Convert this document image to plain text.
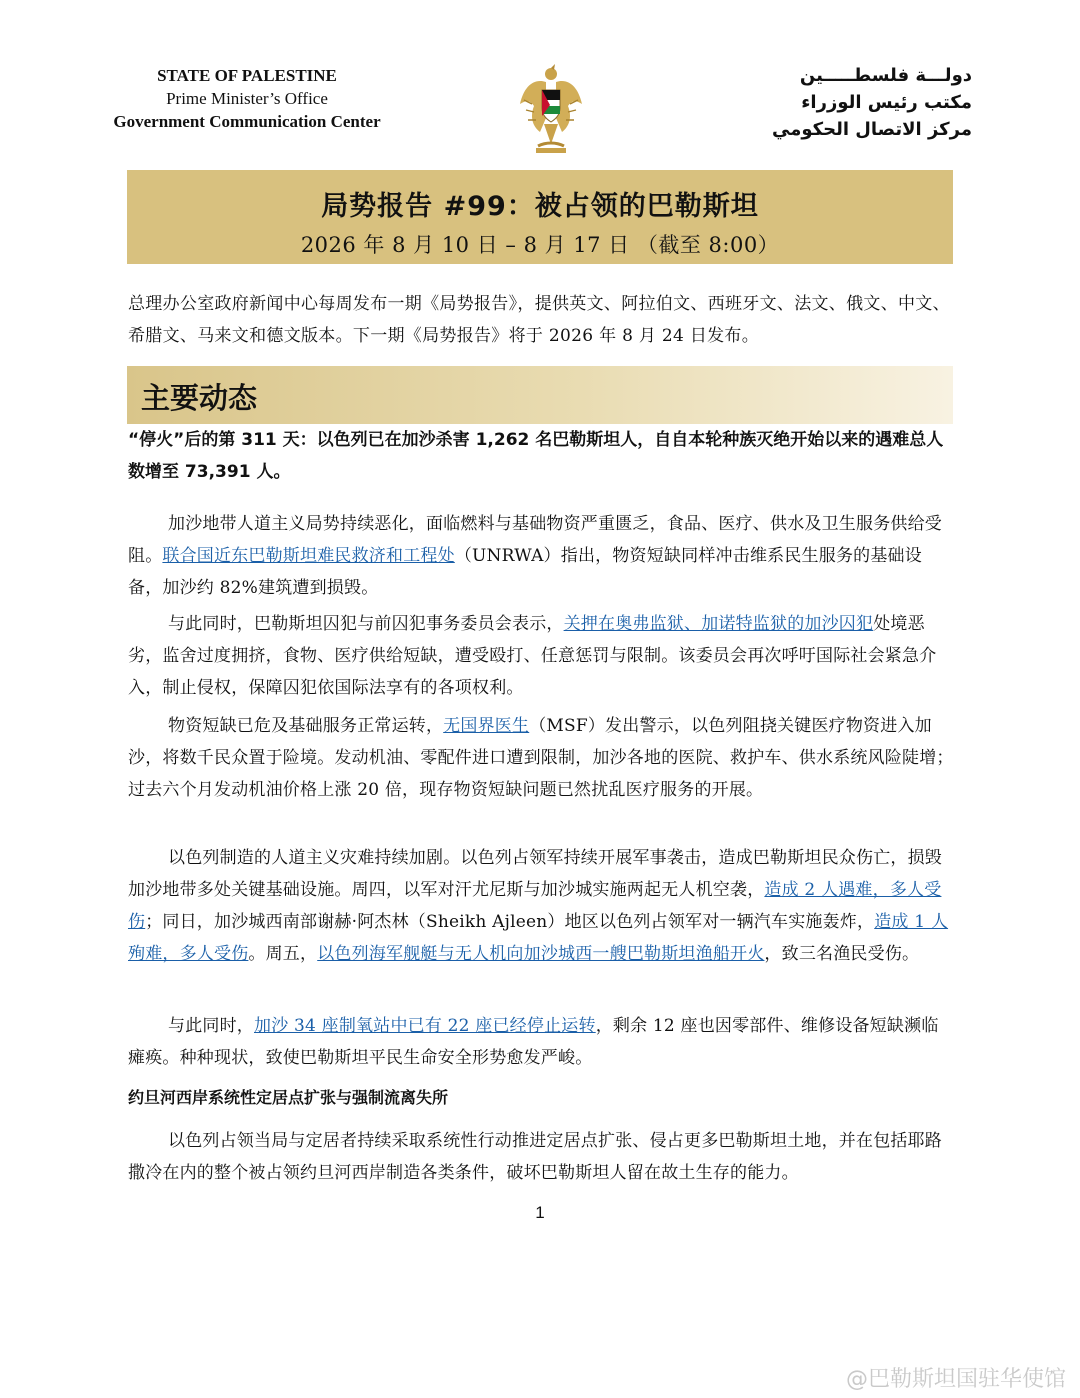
STATE OF PALESTINE
Prime Minister’s Office
Government Communication Center
دولـــة فلسطـــــين
مكتب رئيس الوزراء
مركز الاتصال الحكومي
局势报告 #99：被占领的巴勒斯坦
2026 年 8 月 10 日 – 8 月 17 日 （截至 8:00）
总理办公室政府新闻中心每周发布一期《局势报告》，提供英文、阿拉伯文、西班牙文、法文、俄文、中文、希腊文、马来文和德文版本。下一期《局势报告》将于 2026 年 8 月 24 日发布。
主要动态
“停火”后的第 311 天：以色列已在加沙杀害 1,262 名巴勒斯坦人，自自本轮种族灭绝开始以来的遇难总人数增至 73,391 人。
加沙地带人道主义局势持续恶化，面临燃料与基础物资严重匮乏，食品、医疗、供水及卫生服务供给受阻。联合国近东巴勒斯坦难民救济和工程处（UNRWA）指出，物资短缺同样冲击维系民生服务的基础设备，加沙约 82%建筑遭到损毁。
与此同时，巴勒斯坦囚犯与前囚犯事务委员会表示，关押在奥弗监狱、加诺特监狱的加沙囚犯处境恶劣，监舍过度拥挤，食物、医疗供给短缺，遭受殴打、任意惩罚与限制。该委员会再次呼吁国际社会紧急介入，制止侵权，保障囚犯依国际法享有的各项权利。
物资短缺已危及基础服务正常运转，无国界医生（MSF）发出警示，以色列阻挠关键医疗物资进入加沙，将数千民众置于险境。发动机油、零配件进口遭到限制，加沙各地的医院、救护车、供水系统风险陡增；过去六个月发动机油价格上涨 20 倍，现存物资短缺问题已然扰乱医疗服务的开展。
以色列制造的人道主义灾难持续加剧。以色列占领军持续开展军事袭击，造成巴勒斯坦民众伤亡，损毁加沙地带多处关键基础设施。周四，以军对汗尤尼斯与加沙城实施两起无人机空袭，造成 2 人遇难，多人受伤；同日，加沙城西南部谢赫·阿杰林（Sheikh Ajleen）地区以色列占领军对一辆汽车实施轰炸，造成 1 人殉难，多人受伤。周五，以色列海军舰艇与无人机向加沙城西一艘巴勒斯坦渔船开火，致三名渔民受伤。
与此同时，加沙 34 座制氧站中已有 22 座已经停止运转，剩余 12 座也因零部件、维修设备短缺濒临瘫痪。种种现状，致使巴勒斯坦平民生命安全形势愈发严峻。
约旦河西岸系统性定居点扩张与强制流离失所
以色列占领当局与定居者持续采取系统性行动推进定居点扩张、侵占更多巴勒斯坦土地，并在包括耶路撒冷在内的整个被占领约旦河西岸制造各类条件，破坏巴勒斯坦人留在故土生存的能力。
1
@巴勒斯坦国驻华使馆
